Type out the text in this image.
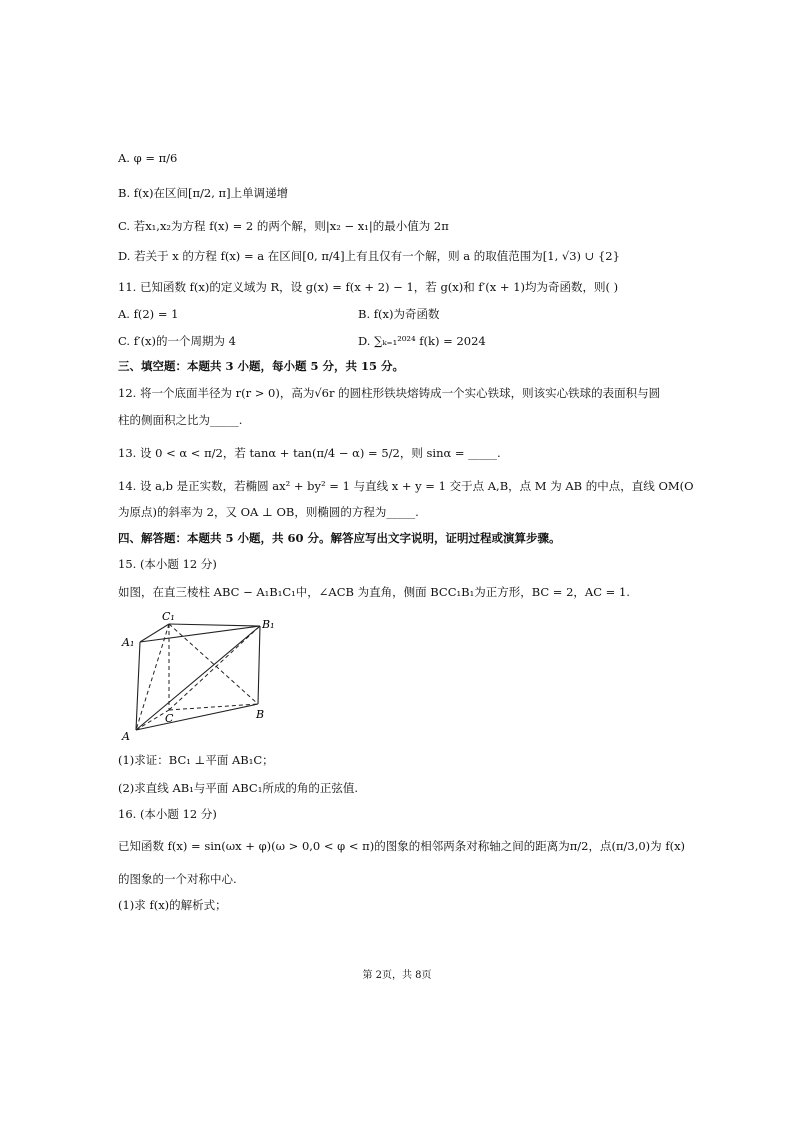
A. φ = π/6
B. f(x)在区间[π/2, π]上单调递增
C. 若x₁,x₂为方程 f(x) = 2 的两个解，则|x₂ − x₁|的最小值为 2π
D. 若关于 x 的方程 f(x) = a 在区间[0, π/4]上有且仅有一个解，则 a 的取值范围为[1, √3) ∪ {2}
11. 已知函数 f(x)的定义域为 R，设 g(x) = f(x + 2) − 1，若 g(x)和 f′(x + 1)均为奇函数，则( )
A. f(2) = 1	B. f(x)为奇函数
C. f′(x)的一个周期为 4	D. ∑ₖ₌₁²⁰²⁴ f(k) = 2024
三、填空题：本题共 3 小题，每小题 5 分，共 15 分。
12. 将一个底面半径为 r(r > 0)，高为√6r 的圆柱形铁块熔铸成一个实心铁球，则该实心铁球的表面积与圆
柱的侧面积之比为_____.
13. 设 0 < α < π/2，若 tanα + tan(π/4 − α) = 5/2，则 sinα = _____.
14. 设 a,b 是正实数，若椭圆 ax² + by² = 1 与直线 x + y = 1 交于点 A,B，点 M 为 AB 的中点，直线 OM(O
为原点)的斜率为 2，又 OA ⊥ OB，则椭圆的方程为_____.
四、解答题：本题共 5 小题，共 60 分。解答应写出文字说明，证明过程或演算步骤。
15. (本小题 12 分)
如图，在直三棱柱 ABC − A₁B₁C₁中，∠ACB 为直角，侧面 BCC₁B₁为正方形，BC = 2，AC = 1.
A₁
C₁
B₁
A
C	B
(1)求证：BC₁ ⊥平面 AB₁C；
(2)求直线 AB₁与平面 ABC₁所成的角的正弦值.
16. (本小题 12 分)
已知函数 f(x) = sin(ωx + φ)(ω > 0,0 < φ < π)的图象的相邻两条对称轴之间的距离为π/2，点(π/3,0)为 f(x)
的图象的一个对称中心.
(1)求 f(x)的解析式；
第 2页，共 8页
